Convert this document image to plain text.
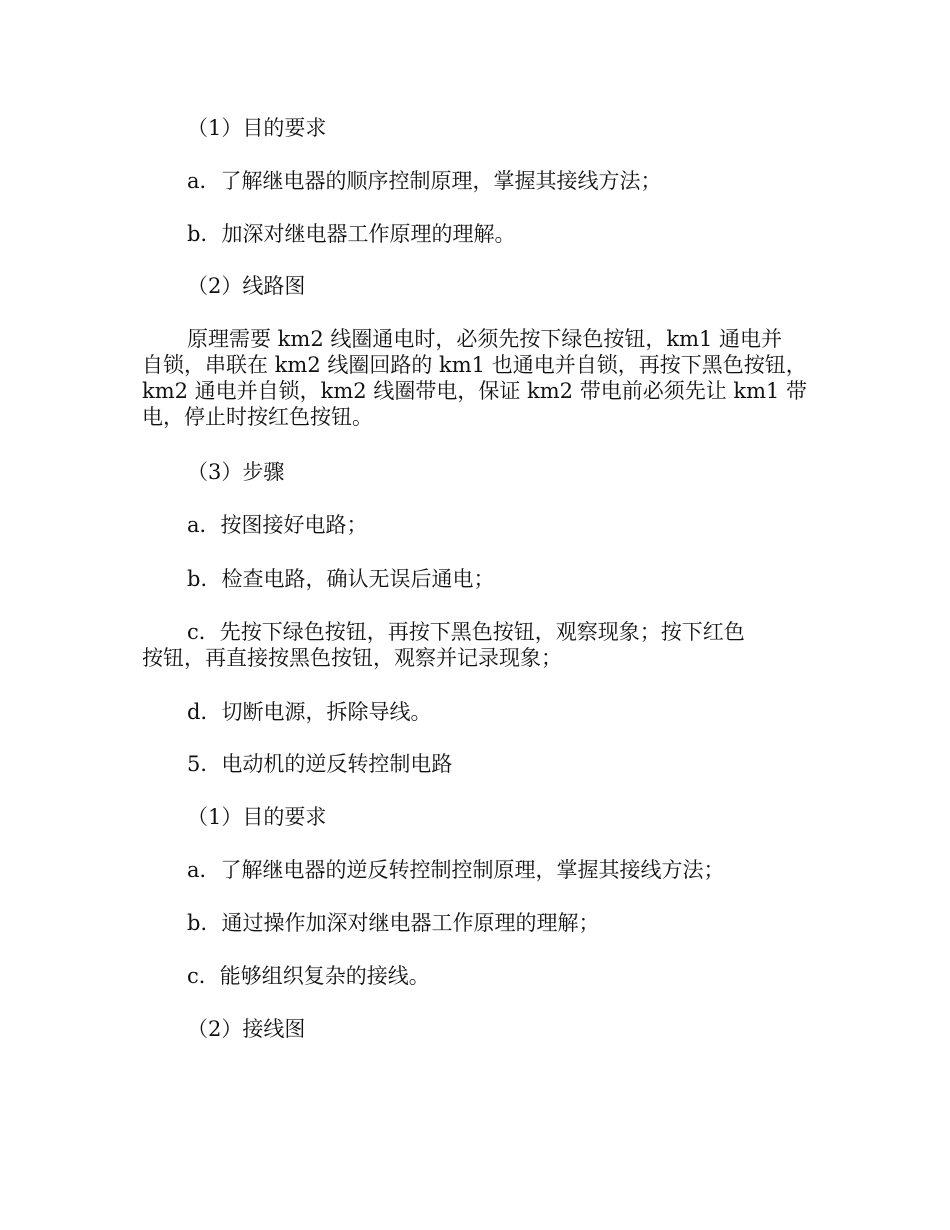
（1）目的要求

a．了解继电器的顺序控制原理，掌握其接线方法；

b．加深对继电器工作原理的理解。

（2）线路图

原理需要 km2 线圈通电时，必须先按下绿色按钮，km1 通电并
自锁，串联在 km2 线圈回路的 km1 也通电并自锁，再按下黑色按钮，
km2 通电并自锁，km2 线圈带电，保证 km2 带电前必须先让 km1 带
电，停止时按红色按钮。

（3）步骤

a．按图接好电路；

b．检查电路，确认无误后通电；

c．先按下绿色按钮，再按下黑色按钮，观察现象；按下红色
按钮，再直接按黑色按钮，观察并记录现象；

d．切断电源，拆除导线。

5．电动机的逆反转控制电路

（1）目的要求

a．了解继电器的逆反转控制控制原理，掌握其接线方法；

b．通过操作加深对继电器工作原理的理解；

c．能够组织复杂的接线。

（2）接线图
